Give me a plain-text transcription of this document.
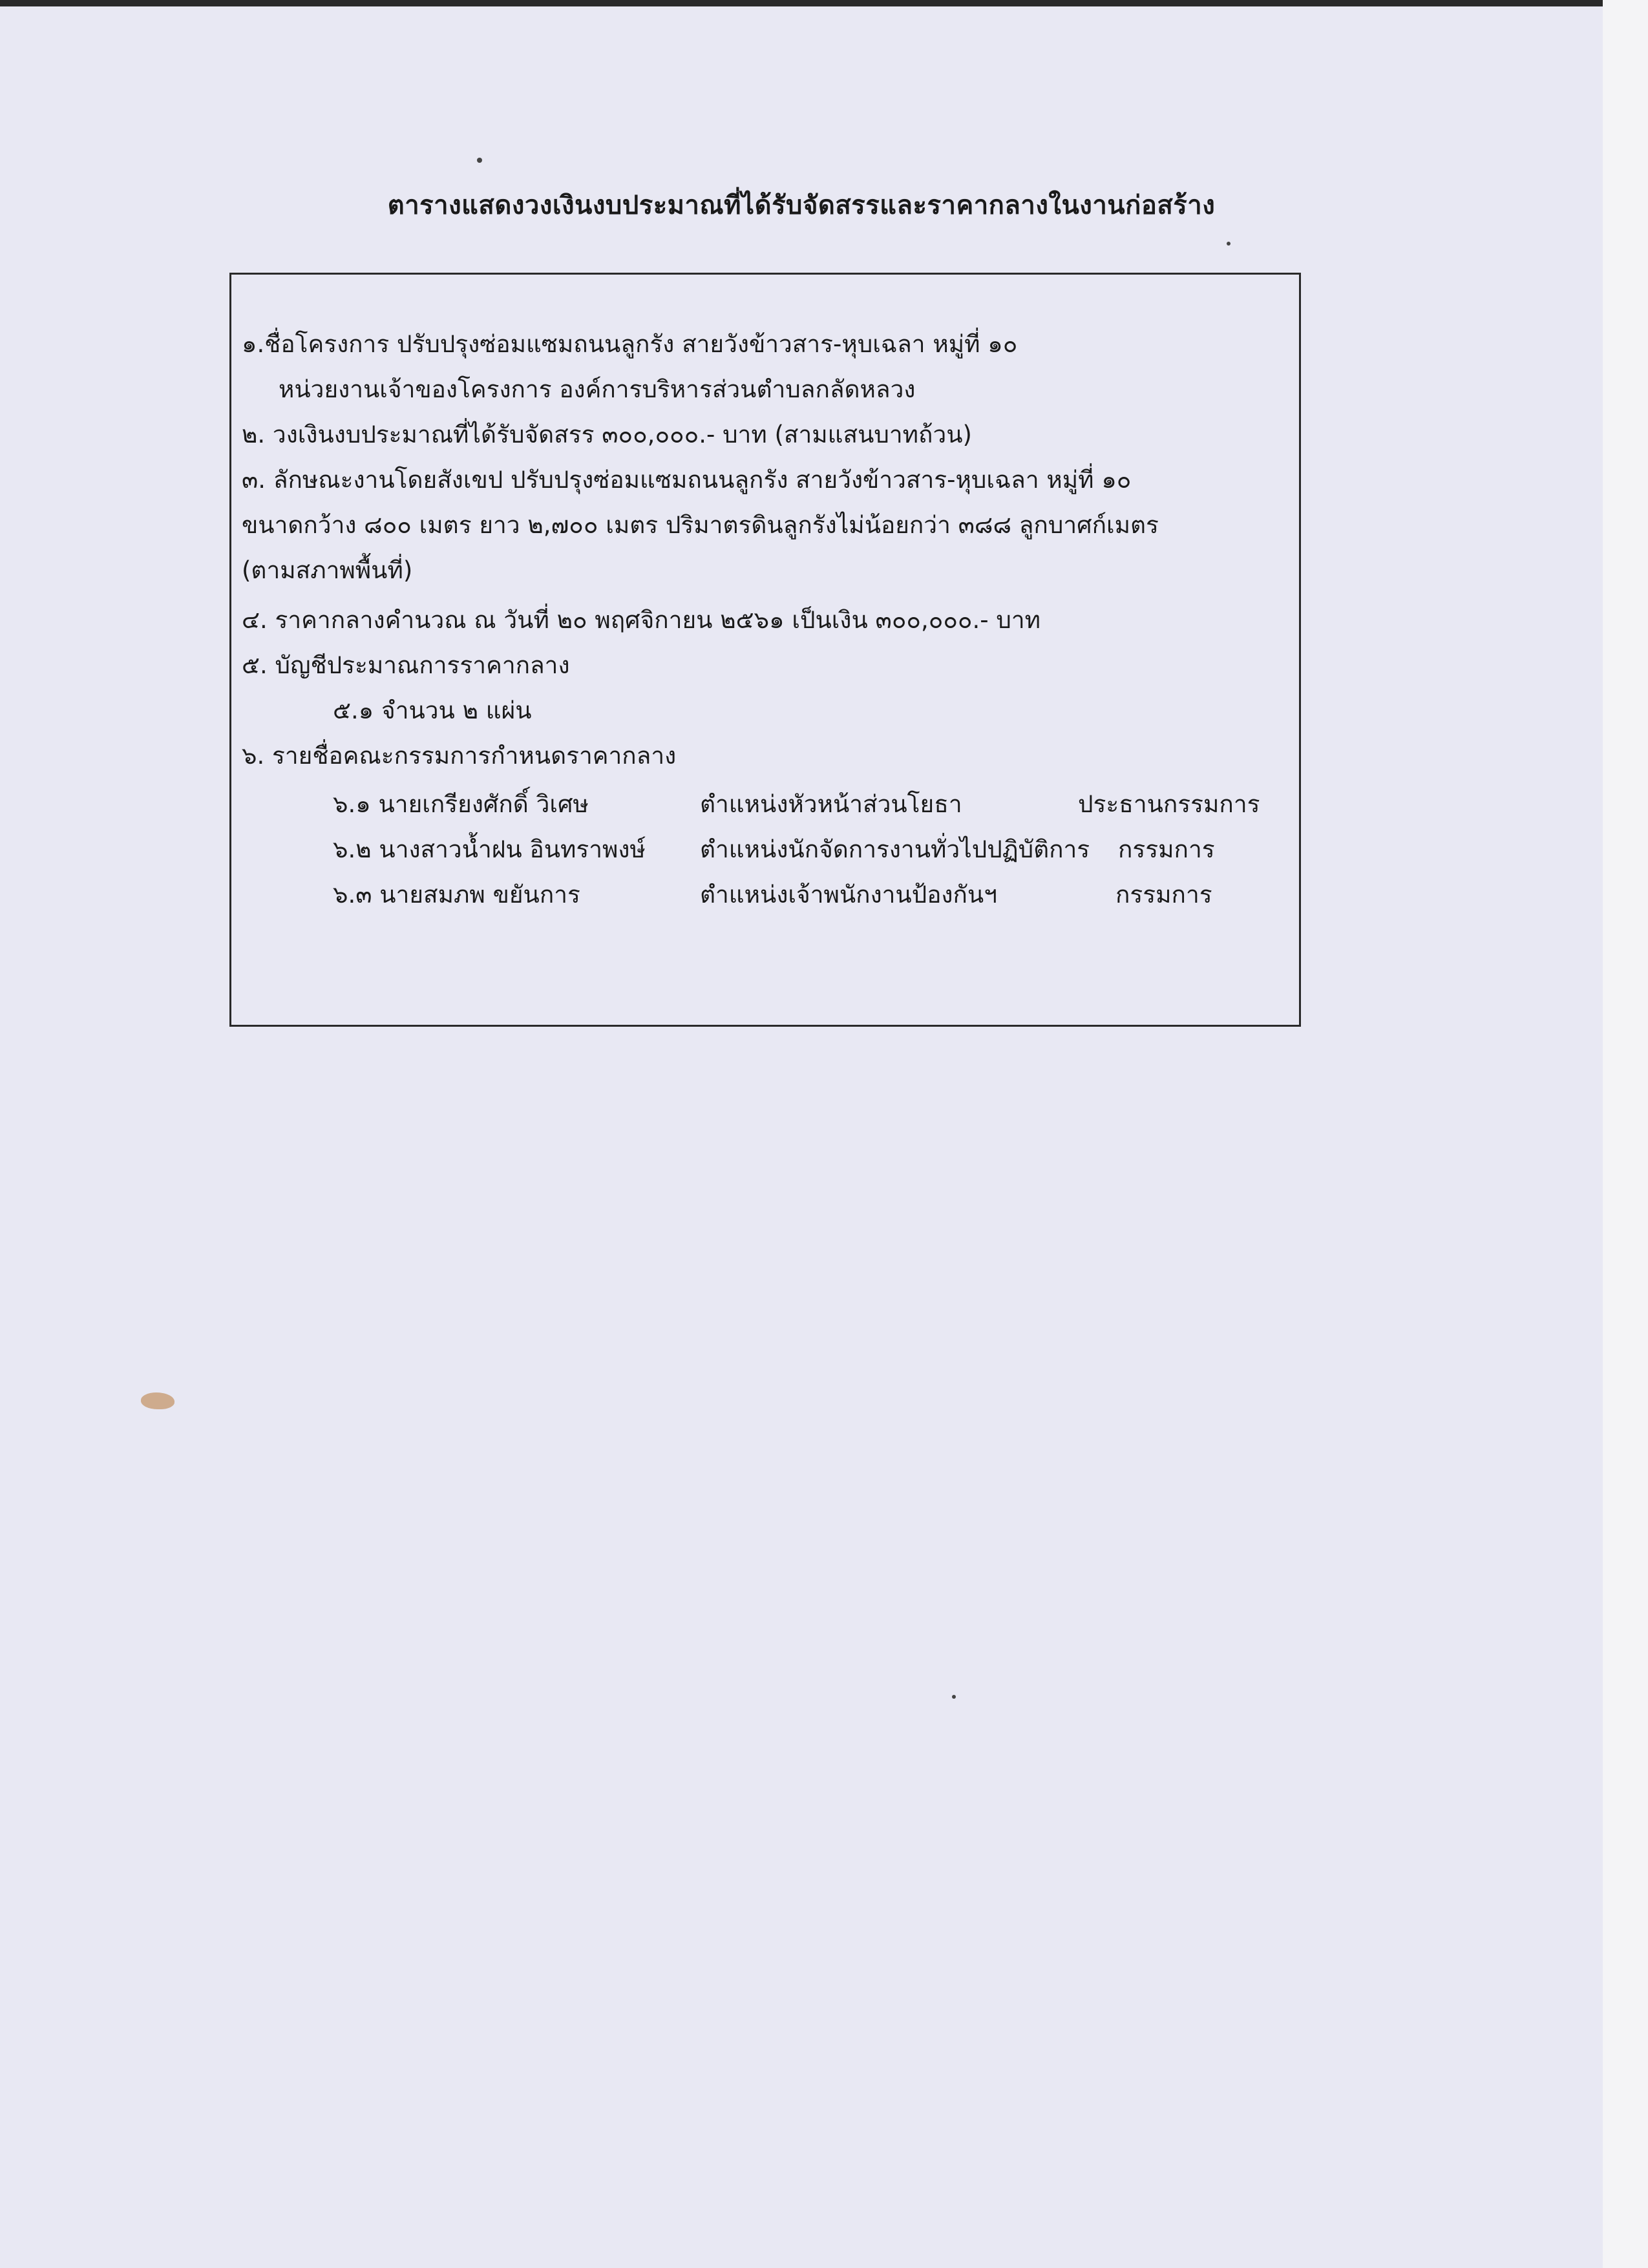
ตารางแสดงวงเงินงบประมาณที่ได้รับจัดสรรและราคากลางในงานก่อสร้าง
๑.ชื่อโครงการ ปรับปรุงซ่อมแซมถนนลูกรัง สายวังข้าวสาร-หุบเฉลา หมู่ที่ ๑๐
หน่วยงานเจ้าของโครงการ องค์การบริหารส่วนตำบลกลัดหลวง
๒. วงเงินงบประมาณที่ได้รับจัดสรร ๓๐๐,๐๐๐.- บาท (สามแสนบาทถ้วน)
๓. ลักษณะงานโดยสังเขป ปรับปรุงซ่อมแซมถนนลูกรัง สายวังข้าวสาร-หุบเฉลา หมู่ที่ ๑๐
ขนาดกว้าง ๘๐๐ เมตร ยาว ๒,๗๐๐ เมตร ปริมาตรดินลูกรังไม่น้อยกว่า ๓๘๘ ลูกบาศก์เมตร
(ตามสภาพพื้นที่)
๔. ราคากลางคำนวณ ณ วันที่ ๒๐ พฤศจิกายน ๒๕๖๑ เป็นเงิน ๓๐๐,๐๐๐.- บาท
๕. บัญชีประมาณการราคากลาง
๕.๑ จำนวน ๒ แผ่น
๖. รายชื่อคณะกรรมการกำหนดราคากลาง
๖.๑ นายเกรียงศักดิ์ วิเศษ	ตำแหน่งหัวหน้าส่วนโยธา	ประธานกรรมการ
๖.๒ นางสาวน้ำฝน อินทราพงษ์ ตำแหน่งนักจัดการงานทั่วไปปฏิบัติการ กรรมการ
๖.๓ นายสมภพ ขยันการ	ตำแหน่งเจ้าพนักงานป้องกันฯ	กรรมการ
